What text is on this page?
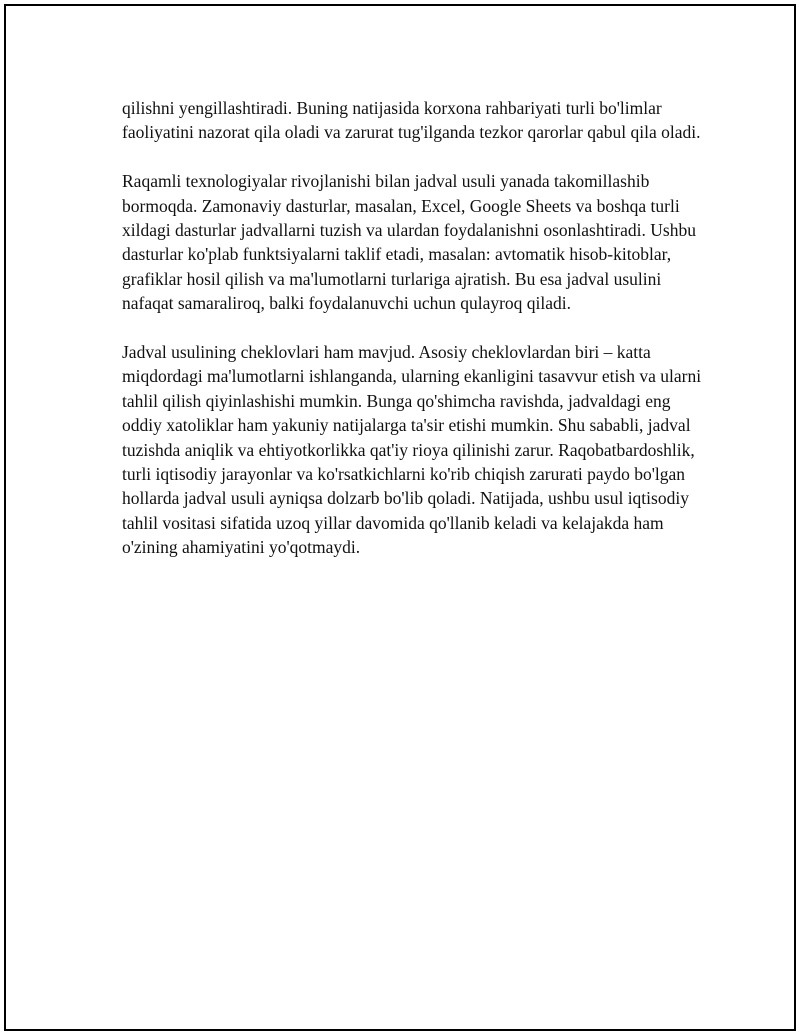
qilishni yengillashtiradi. Buning natijasida korxona rahbariyati turli bo'limlar faoliyatini nazorat qila oladi va zarurat tug'ilganda tezkor qarorlar qabul qila oladi.

Raqamli texnologiyalar rivojlanishi bilan jadval usuli yanada takomillashib bormoqda. Zamonaviy dasturlar, masalan, Excel, Google Sheets va boshqa turli xildagi dasturlar jadvallarni tuzish va ulardan foydalanishni osonlashtiradi. Ushbu dasturlar ko'plab funktsiyalarni taklif etadi, masalan: avtomatik hisob-kitoblar, grafiklar hosil qilish va ma'lumotlarni turlariga ajratish. Bu esa jadval usulini nafaqat samaraliroq, balki foydalanuvchi uchun qulayroq qiladi.

Jadval usulining cheklovlari ham mavjud. Asosiy cheklovlardan biri – katta miqdordagi ma'lumotlarni ishlanganda, ularning ekanligini tasavvur etish va ularni tahlil qilish qiyinlashishi mumkin. Bunga qo'shimcha ravishda, jadvaldagi eng oddiy xatoliklar ham yakuniy natijalarga ta'sir etishi mumkin. Shu sababli, jadval tuzishda aniqlik va ehtiyotkorlikka qat'iy rioya qilinishi zarur. Raqobatbardoshlik, turli iqtisodiy jarayonlar va ko'rsatkichlarni ko'rib chiqish zarurati paydo bo'lgan hollarda jadval usuli ayniqsa dolzarb bo'lib qoladi. Natijada, ushbu usul iqtisodiy tahlil vositasi sifatida uzoq yillar davomida qo'llanib keladi va kelajakda ham o'zining ahamiyatini yo'qotmaydi.
